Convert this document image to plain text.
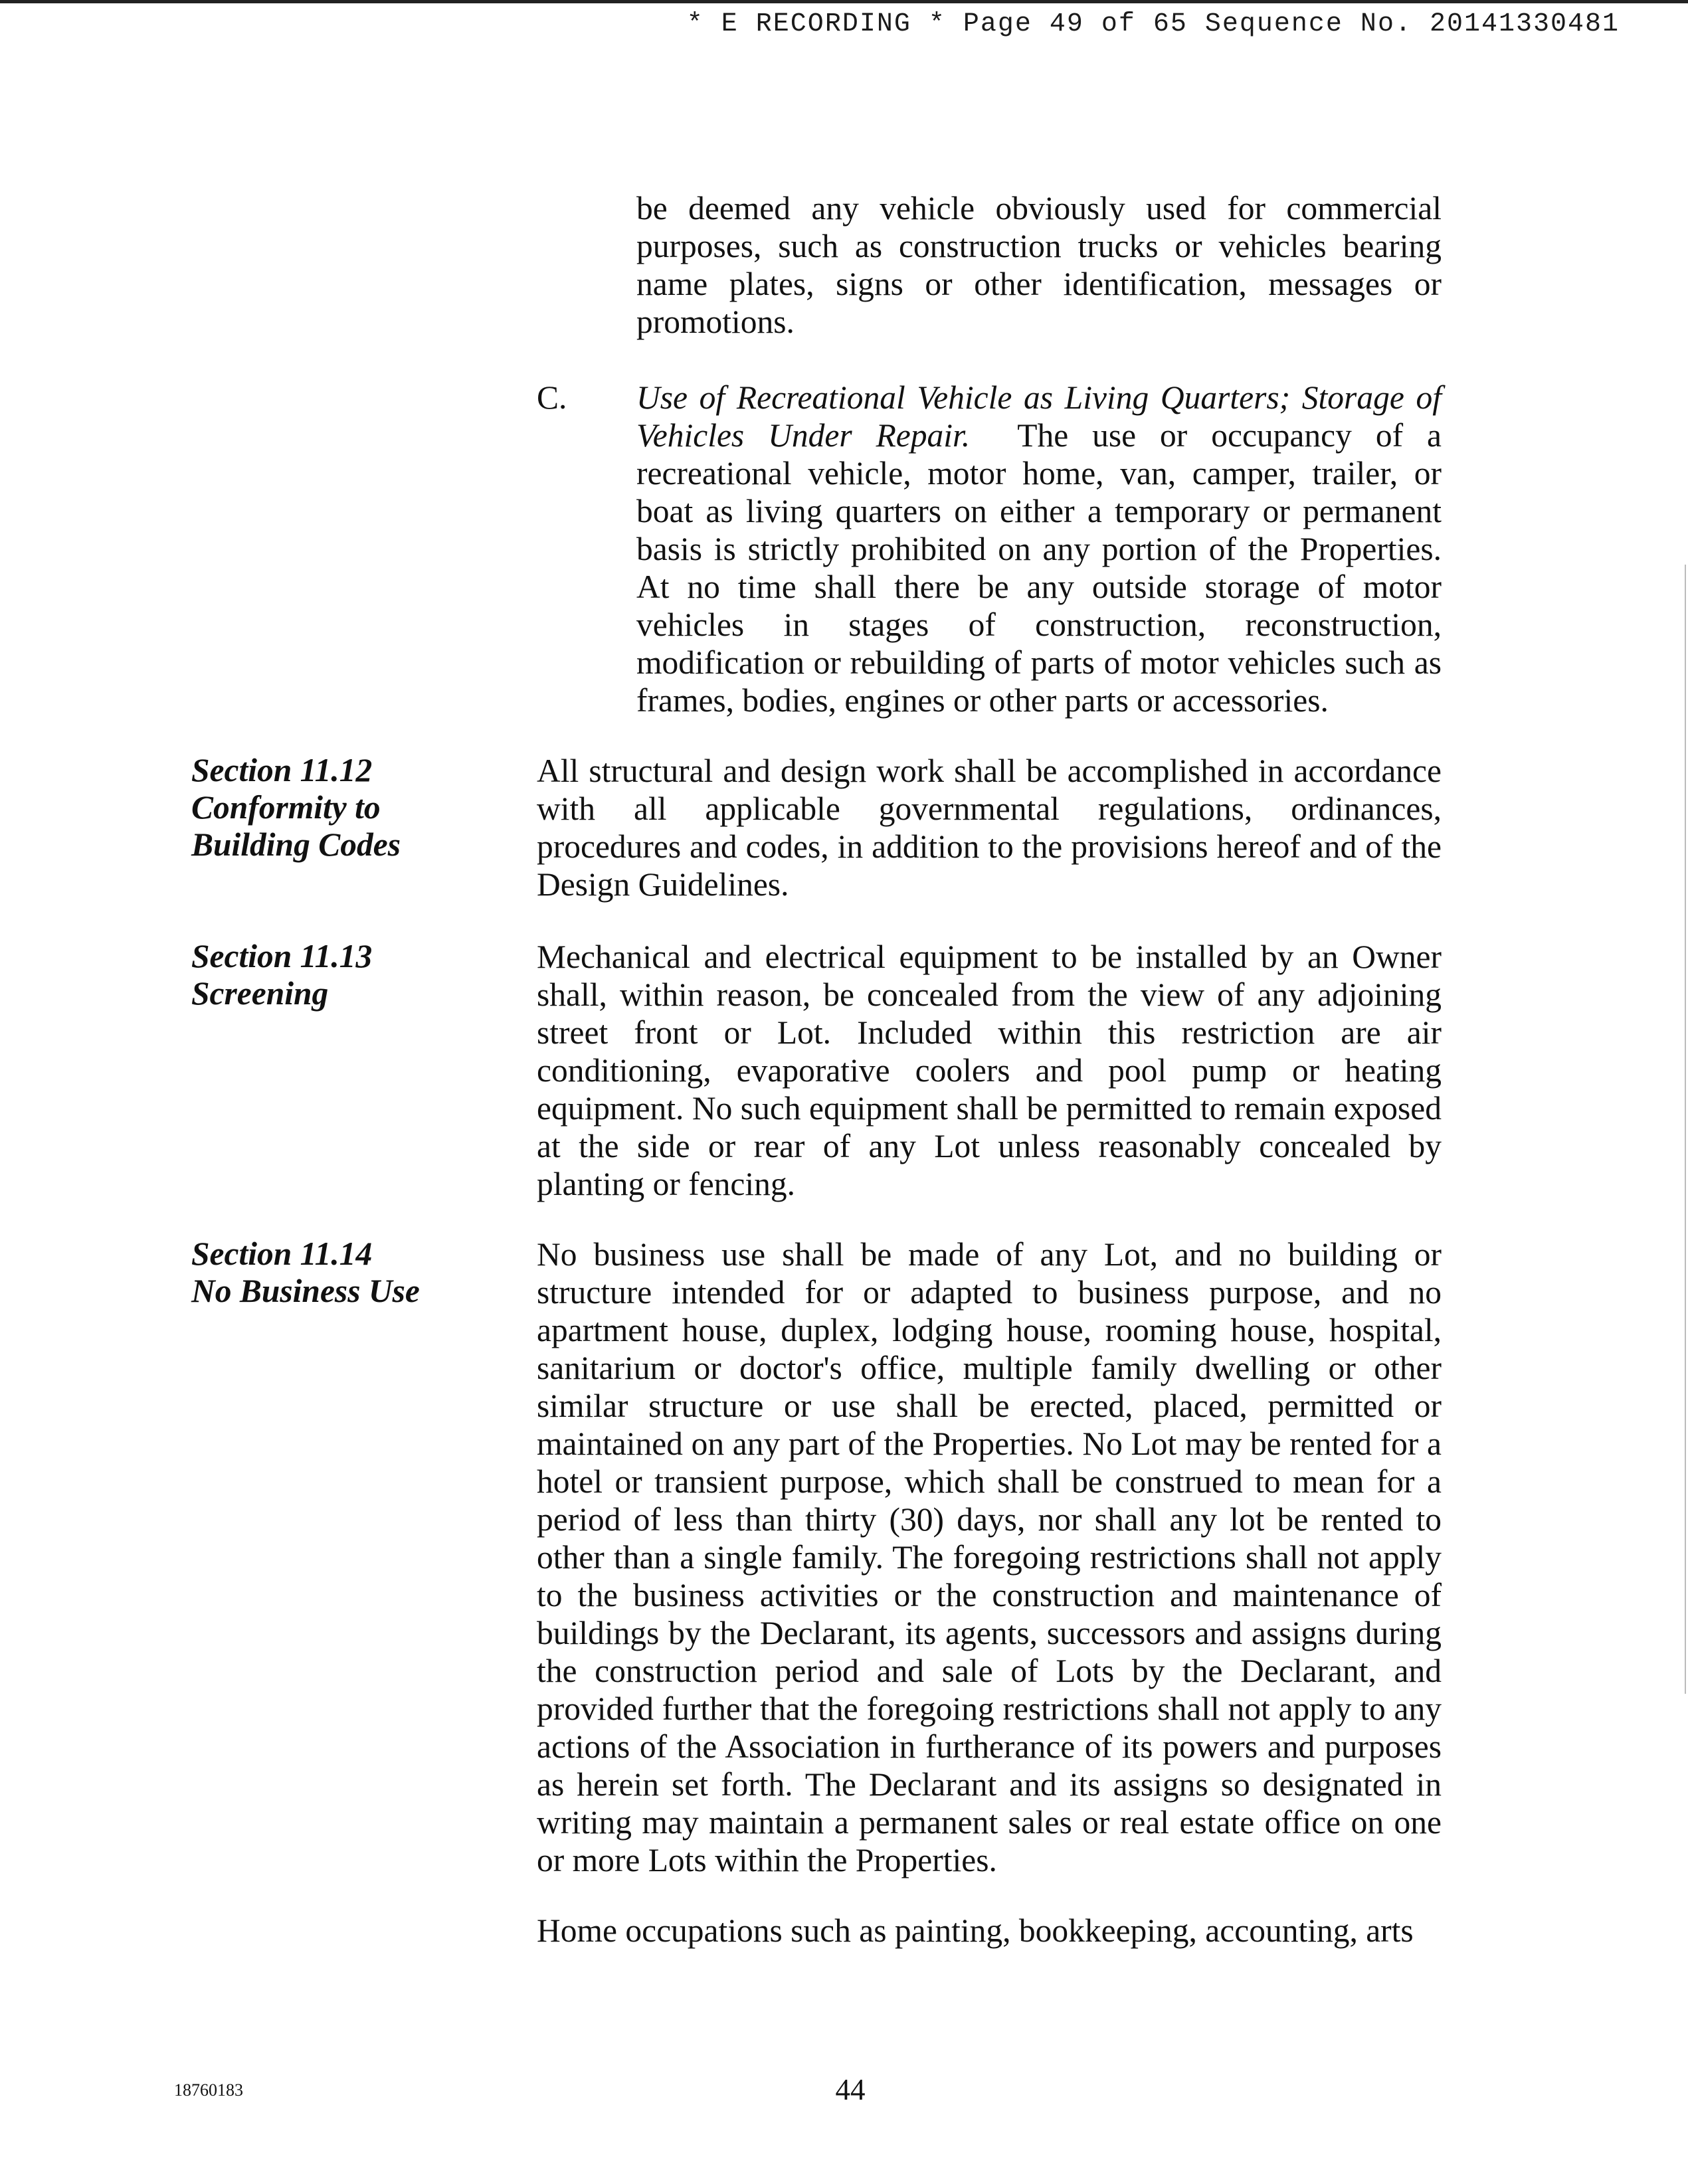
* E RECORDING * Page 49 of 65 Sequence No. 20141330481

be deemed any vehicle obviously used for commercial purposes, such as construction trucks or vehicles bearing name plates, signs or other identification, messages or promotions.

C. Use of Recreational Vehicle as Living Quarters; Storage of Vehicles Under Repair. The use or occupancy of a recreational vehicle, motor home, van, camper, trailer, or boat as living quarters on either a temporary or permanent basis is strictly prohibited on any portion of the Properties. At no time shall there be any outside storage of motor vehicles in stages of construction, reconstruction, modification or rebuilding of parts of motor vehicles such as frames, bodies, engines or other parts or accessories.

Section 11.12
Conformity to
Building Codes

All structural and design work shall be accomplished in accordance with all applicable governmental regulations, ordinances, procedures and codes, in addition to the provisions hereof and of the Design Guidelines.

Section 11.13
Screening

Mechanical and electrical equipment to be installed by an Owner shall, within reason, be concealed from the view of any adjoining street front or Lot. Included within this restriction are air conditioning, evaporative coolers and pool pump or heating equipment. No such equipment shall be permitted to remain exposed at the side or rear of any Lot unless reasonably concealed by planting or fencing.

Section 11.14
No Business Use

No business use shall be made of any Lot, and no building or structure intended for or adapted to business purpose, and no apartment house, duplex, lodging house, rooming house, hospital, sanitarium or doctor's office, multiple family dwelling or other similar structure or use shall be erected, placed, permitted or maintained on any part of the Properties. No Lot may be rented for a hotel or transient purpose, which shall be construed to mean for a period of less than thirty (30) days, nor shall any lot be rented to other than a single family. The foregoing restrictions shall not apply to the business activities or the construction and maintenance of buildings by the Declarant, its agents, successors and assigns during the construction period and sale of Lots by the Declarant, and provided further that the foregoing restrictions shall not apply to any actions of the Association in furtherance of its powers and purposes as herein set forth. The Declarant and its assigns so designated in writing may maintain a permanent sales or real estate office on one or more Lots within the Properties.

Home occupations such as painting, bookkeeping, accounting, arts

18760183	44
